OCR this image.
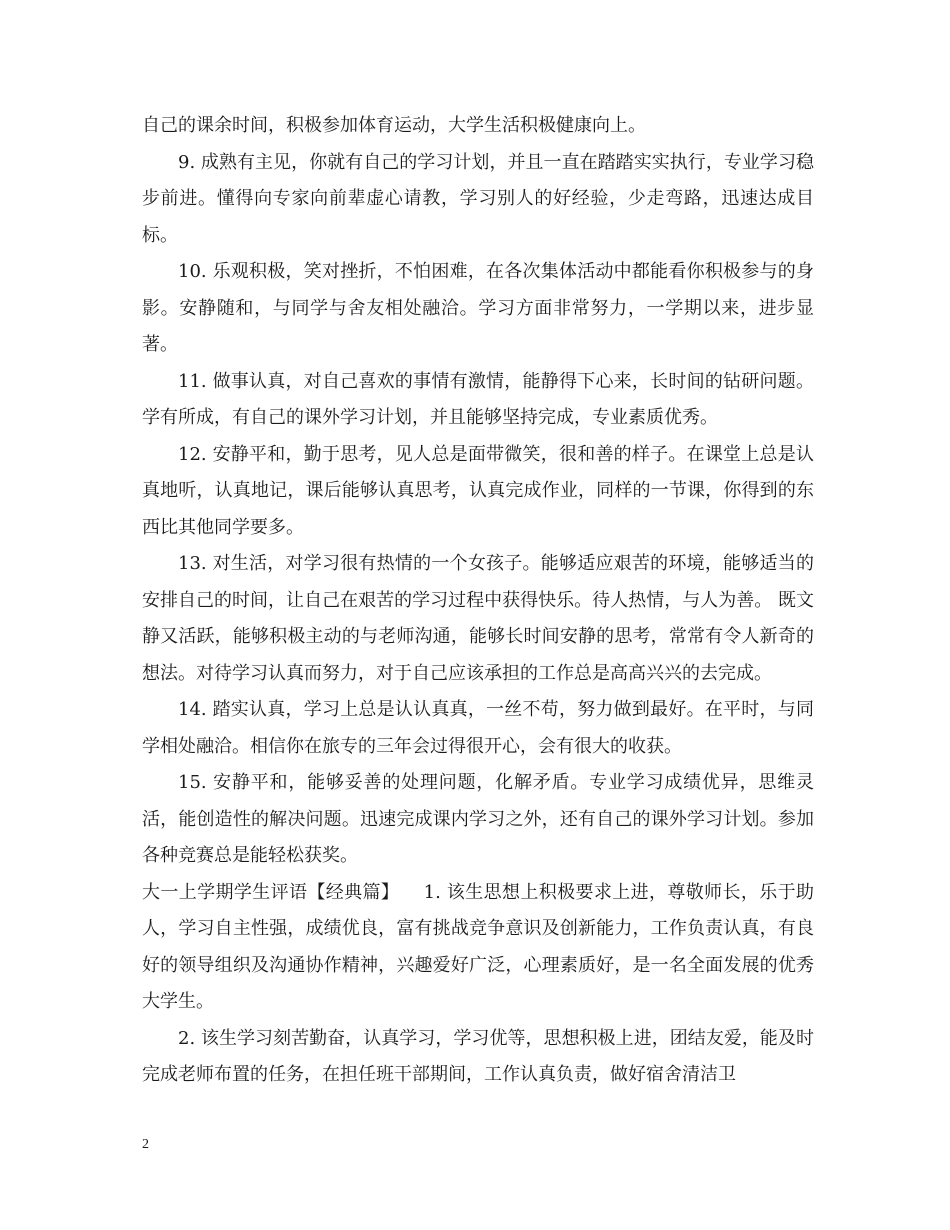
自己的课余时间，积极参加体育运动，大学生活积极健康向上。

9. 成熟有主见，你就有自己的学习计划，并且一直在踏踏实实执行，专业学习稳步前进。懂得向专家向前辈虚心请教，学习别人的好经验，少走弯路，迅速达成目标。

10. 乐观积极，笑对挫折，不怕困难，在各次集体活动中都能看你积极参与的身影。安静随和，与同学与舍友相处融洽。学习方面非常努力，一学期以来，进步显著。

11. 做事认真，对自己喜欢的事情有激情，能静得下心来，长时间的钻研问题。学有所成，有自己的课外学习计划，并且能够坚持完成，专业素质优秀。

12. 安静平和，勤于思考，见人总是面带微笑，很和善的样子。在课堂上总是认真地听，认真地记，课后能够认真思考，认真完成作业，同样的一节课，你得到的东西比其他同学要多。

13. 对生活，对学习很有热情的一个女孩子。能够适应艰苦的环境，能够适当的安排自己的时间，让自己在艰苦的学习过程中获得快乐。待人热情，与人为善。 既文静又活跃，能够积极主动的与老师沟通，能够长时间安静的思考，常常有令人新奇的想法。对待学习认真而努力，对于自己应该承担的工作总是高高兴兴的去完成。

14. 踏实认真，学习上总是认认真真，一丝不苟，努力做到最好。在平时，与同学相处融洽。相信你在旅专的三年会过得很开心，会有很大的收获。

15. 安静平和，能够妥善的处理问题，化解矛盾。专业学习成绩优异，思维灵活，能创造性的解决问题。迅速完成课内学习之外，还有自己的课外学习计划。参加各种竞赛总是能轻松获奖。

大一上学期学生评语【经典篇】    1. 该生思想上积极要求上进，尊敬师长，乐于助人，学习自主性强，成绩优良，富有挑战竞争意识及创新能力，工作负责认真，有良好的领导组织及沟通协作精神，兴趣爱好广泛，心理素质好，是一名全面发展的优秀大学生。

2. 该生学习刻苦勤奋，认真学习，学习优等，思想积极上进，团结友爱，能及时完成老师布置的任务，在担任班干部期间，工作认真负责，做好宿舍清洁卫

2
